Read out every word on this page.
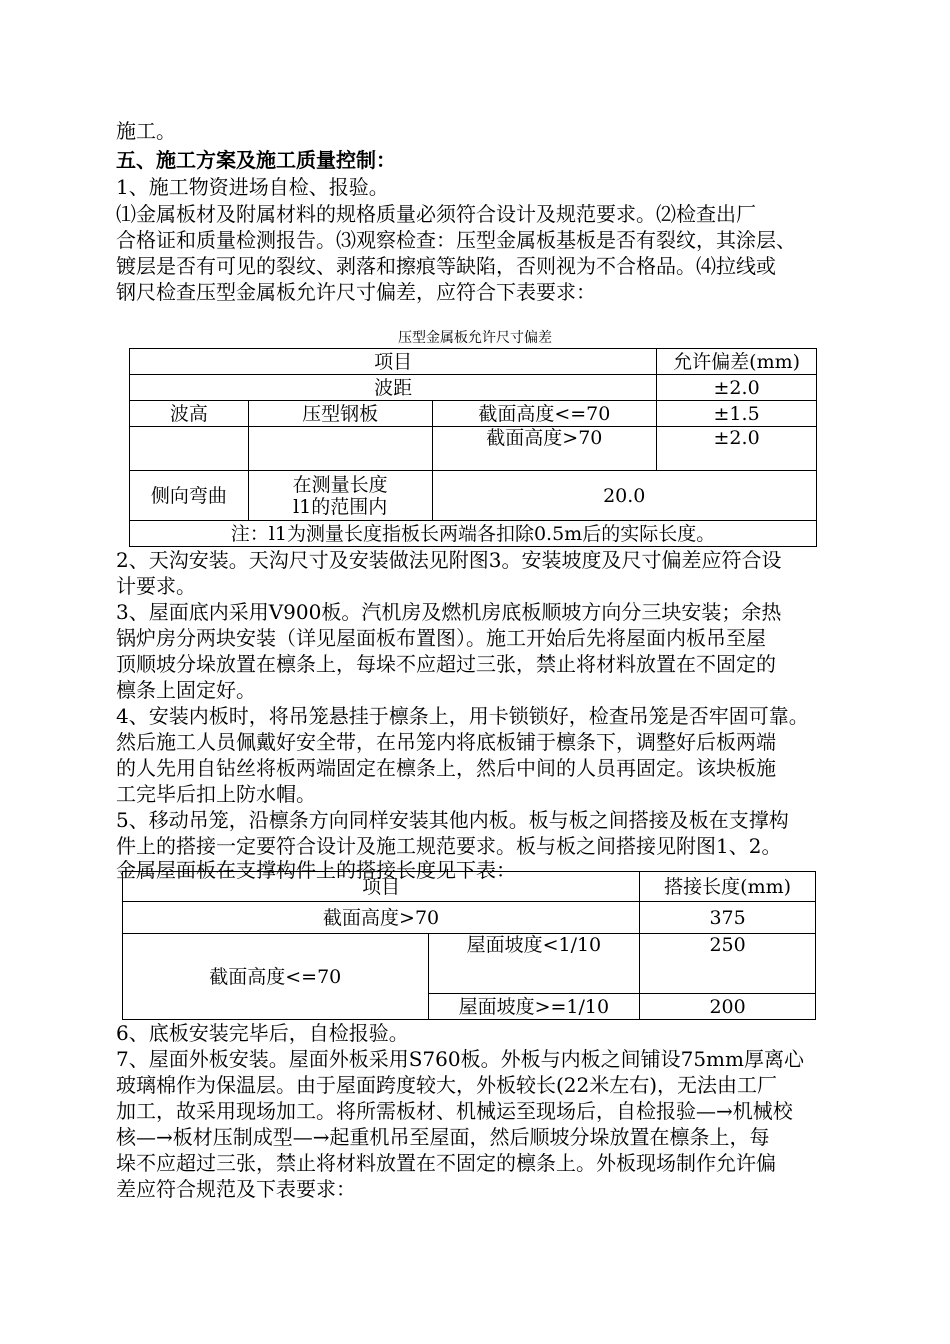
施工。
五、施工方案及施工质量控制：
1、施工物资进场自检、报验。
⑴金属板材及附属材料的规格质量必须符合设计及规范要求。⑵检查出厂
合格证和质量检测报告。⑶观察检查：压型金属板基板是否有裂纹，其涂层、
镀层是否有可见的裂纹、剥落和擦痕等缺陷，否则视为不合格品。⑷拉线或
钢尺检查压型金属板允许尺寸偏差，应符合下表要求：
压型金属板允许尺寸偏差
项目			允许偏差(mm)
波距			±2.0
波高	压型钢板	截面高度<=70	±1.5
		截面高度>70	±2.0
侧向弯曲	在测量长度
l1的范围内	20.0	
注：l1为测量长度指板长两端各扣除0.5m后的实际长度。			
2、天沟安装。天沟尺寸及安装做法见附图3。安装坡度及尺寸偏差应符合设
计要求。
3、屋面底内采用V900板。汽机房及燃机房底板顺坡方向分三块安装；余热
锅炉房分两块安装（详见屋面板布置图）。施工开始后先将屋面内板吊至屋
顶顺坡分垛放置在檩条上，每垛不应超过三张，禁止将材料放置在不固定的
檩条上固定好。
4、安装内板时，将吊笼悬挂于檩条上，用卡锁锁好，检查吊笼是否牢固可靠。
然后施工人员佩戴好安全带，在吊笼内将底板铺于檩条下，调整好后板两端
的人先用自钻丝将板两端固定在檩条上，然后中间的人员再固定。该块板施
工完毕后扣上防水帽。
5、移动吊笼，沿檩条方向同样安装其他内板。板与板之间搭接及板在支撑构
件上的搭接一定要符合设计及施工规范要求。板与板之间搭接见附图1、2。
金属屋面板在支撑构件上的搭接长度见下表：
项目		搭接长度(mm)
截面高度>70		375
截面高度<=70	屋面坡度<1/10	250
	屋面坡度>=1/10	200
6、底板安装完毕后，自检报验。
7、屋面外板安装。屋面外板采用S760板。外板与内板之间铺设75mm厚离心
玻璃棉作为保温层。由于屋面跨度较大，外板较长(22米左右)，无法由工厂
加工，故采用现场加工。将所需板材、机械运至现场后，自检报验—→机械校
核—→板材压制成型—→起重机吊至屋面，然后顺坡分垛放置在檩条上，每
垛不应超过三张，禁止将材料放置在不固定的檩条上。外板现场制作允许偏
差应符合规范及下表要求：
